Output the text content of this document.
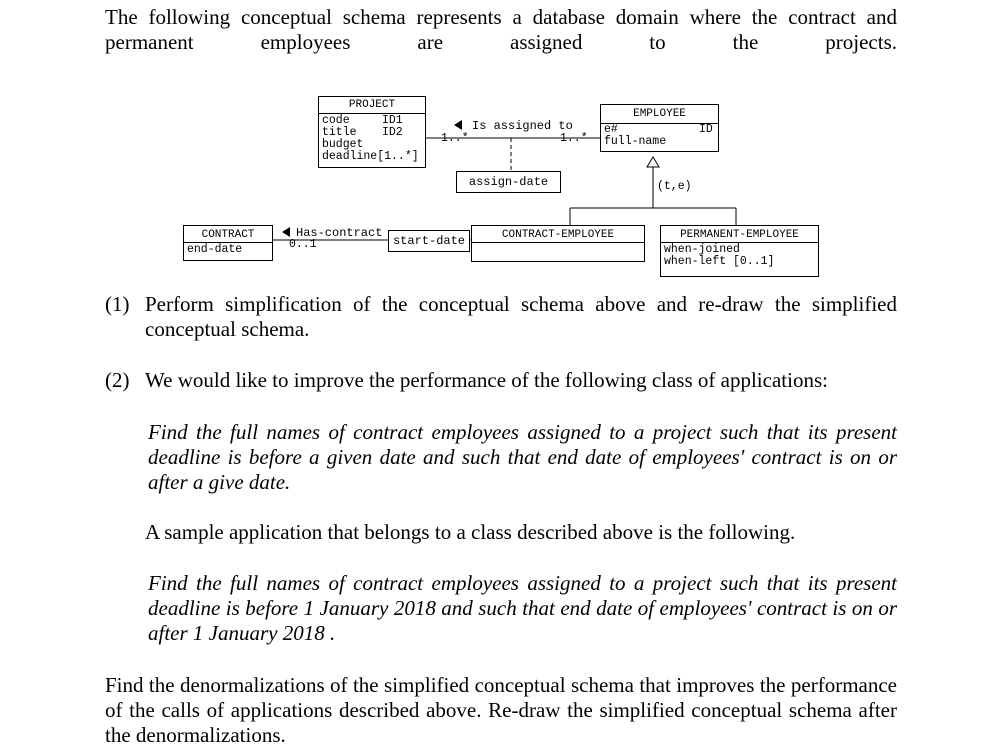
The following conceptual schema represents a database domain where the contract and permanent employees are assigned to the projects.

PROJECT
code	ID1
title ID2
budget
deadline[1..*]
Is assigned to
1..*	1..*
assign-date
EMPLOYEE
e#	ID
full-name
(t,e)
CONTRACT-EMPLOYEE	PERMANENT-EMPLOYEE
when-joined
when-left [0..1]
CONTRACT
end-date
Has-contract
0..1	start-date
(1) Perform simplification of the conceptual schema above and re-draw the simplified conceptual schema.

(2) We would like to improve the performance of the following class of applications:

Find the full names of contract employees assigned to a project such that its present deadline is before a given date and such that end date of employees' contract is on or after a give date.

A sample application that belongs to a class described above is the following.

Find the full names of contract employees assigned to a project such that its present deadline is before 1 January 2018 and such that end date of employees' contract is on or after 1 January 2018 .

Find the denormalizations of the simplified conceptual schema that improves the performance of the calls of applications described above. Re-draw the simplified conceptual schema after the denormalizations.
